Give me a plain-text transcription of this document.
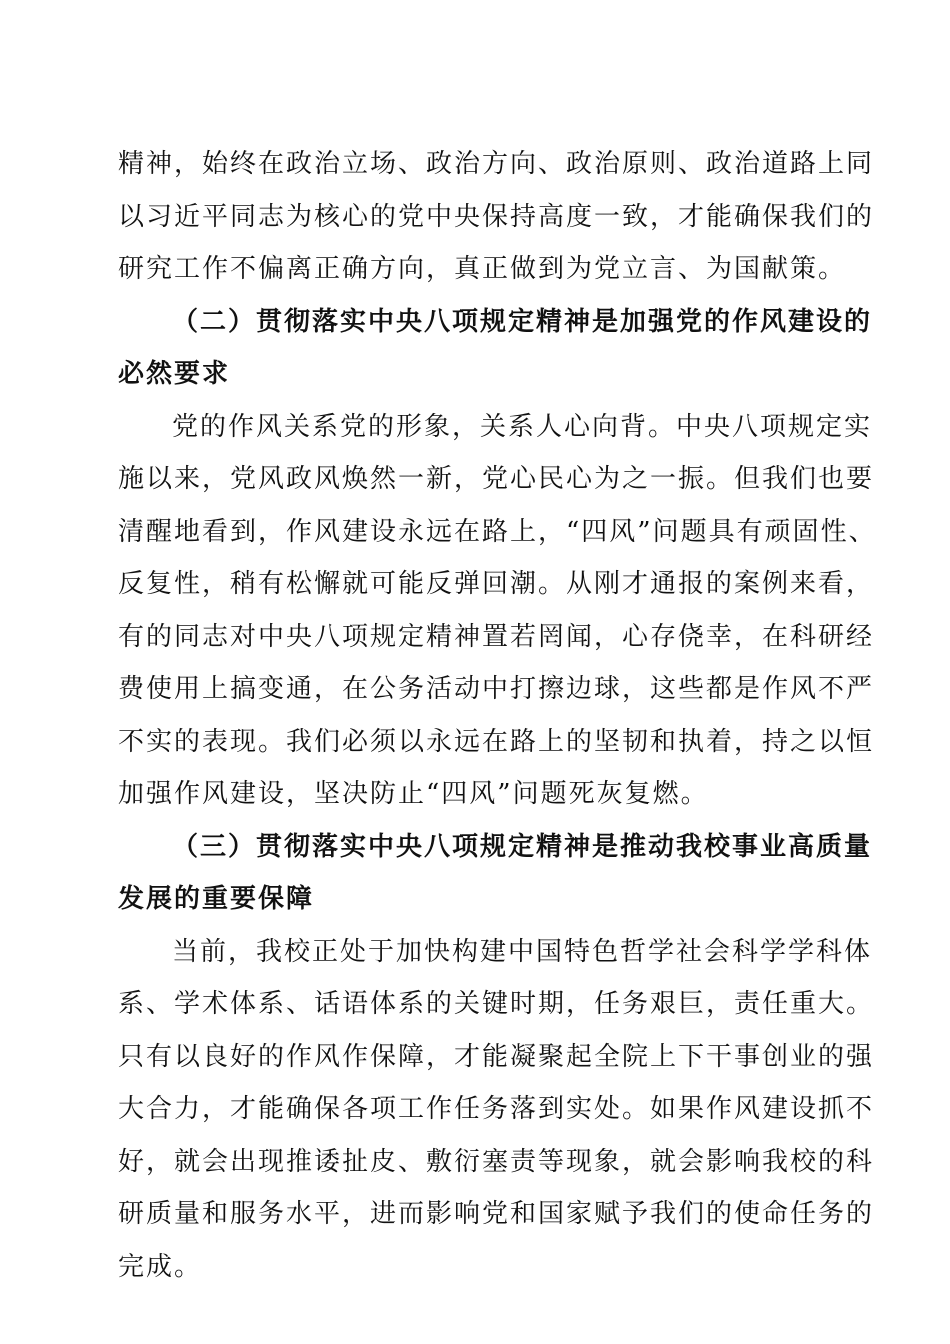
精神，始终在政治立场、政治方向、政治原则、政治道路上同
以习近平同志为核心的党中央保持高度一致，才能确保我们的
研究工作不偏离正确方向，真正做到为党立言、为国献策。
（二）贯彻落实中央八项规定精神是加强党的作风建设的
必然要求
党的作风关系党的形象，关系人心向背。中央八项规定实
施以来，党风政风焕然一新，党心民心为之一振。但我们也要
清醒地看到，作风建设永远在路上，“四风”问题具有顽固性、
反复性，稍有松懈就可能反弹回潮。从刚才通报的案例来看，
有的同志对中央八项规定精神置若罔闻，心存侥幸，在科研经
费使用上搞变通，在公务活动中打擦边球，这些都是作风不严
不实的表现。我们必须以永远在路上的坚韧和执着，持之以恒
加强作风建设，坚决防止“四风”问题死灰复燃。
（三）贯彻落实中央八项规定精神是推动我校事业高质量
发展的重要保障
当前，我校正处于加快构建中国特色哲学社会科学学科体
系、学术体系、话语体系的关键时期，任务艰巨，责任重大。
只有以良好的作风作保障，才能凝聚起全院上下干事创业的强
大合力，才能确保各项工作任务落到实处。如果作风建设抓不
好，就会出现推诿扯皮、敷衍塞责等现象，就会影响我校的科
研质量和服务水平，进而影响党和国家赋予我们的使命任务的
完成。
